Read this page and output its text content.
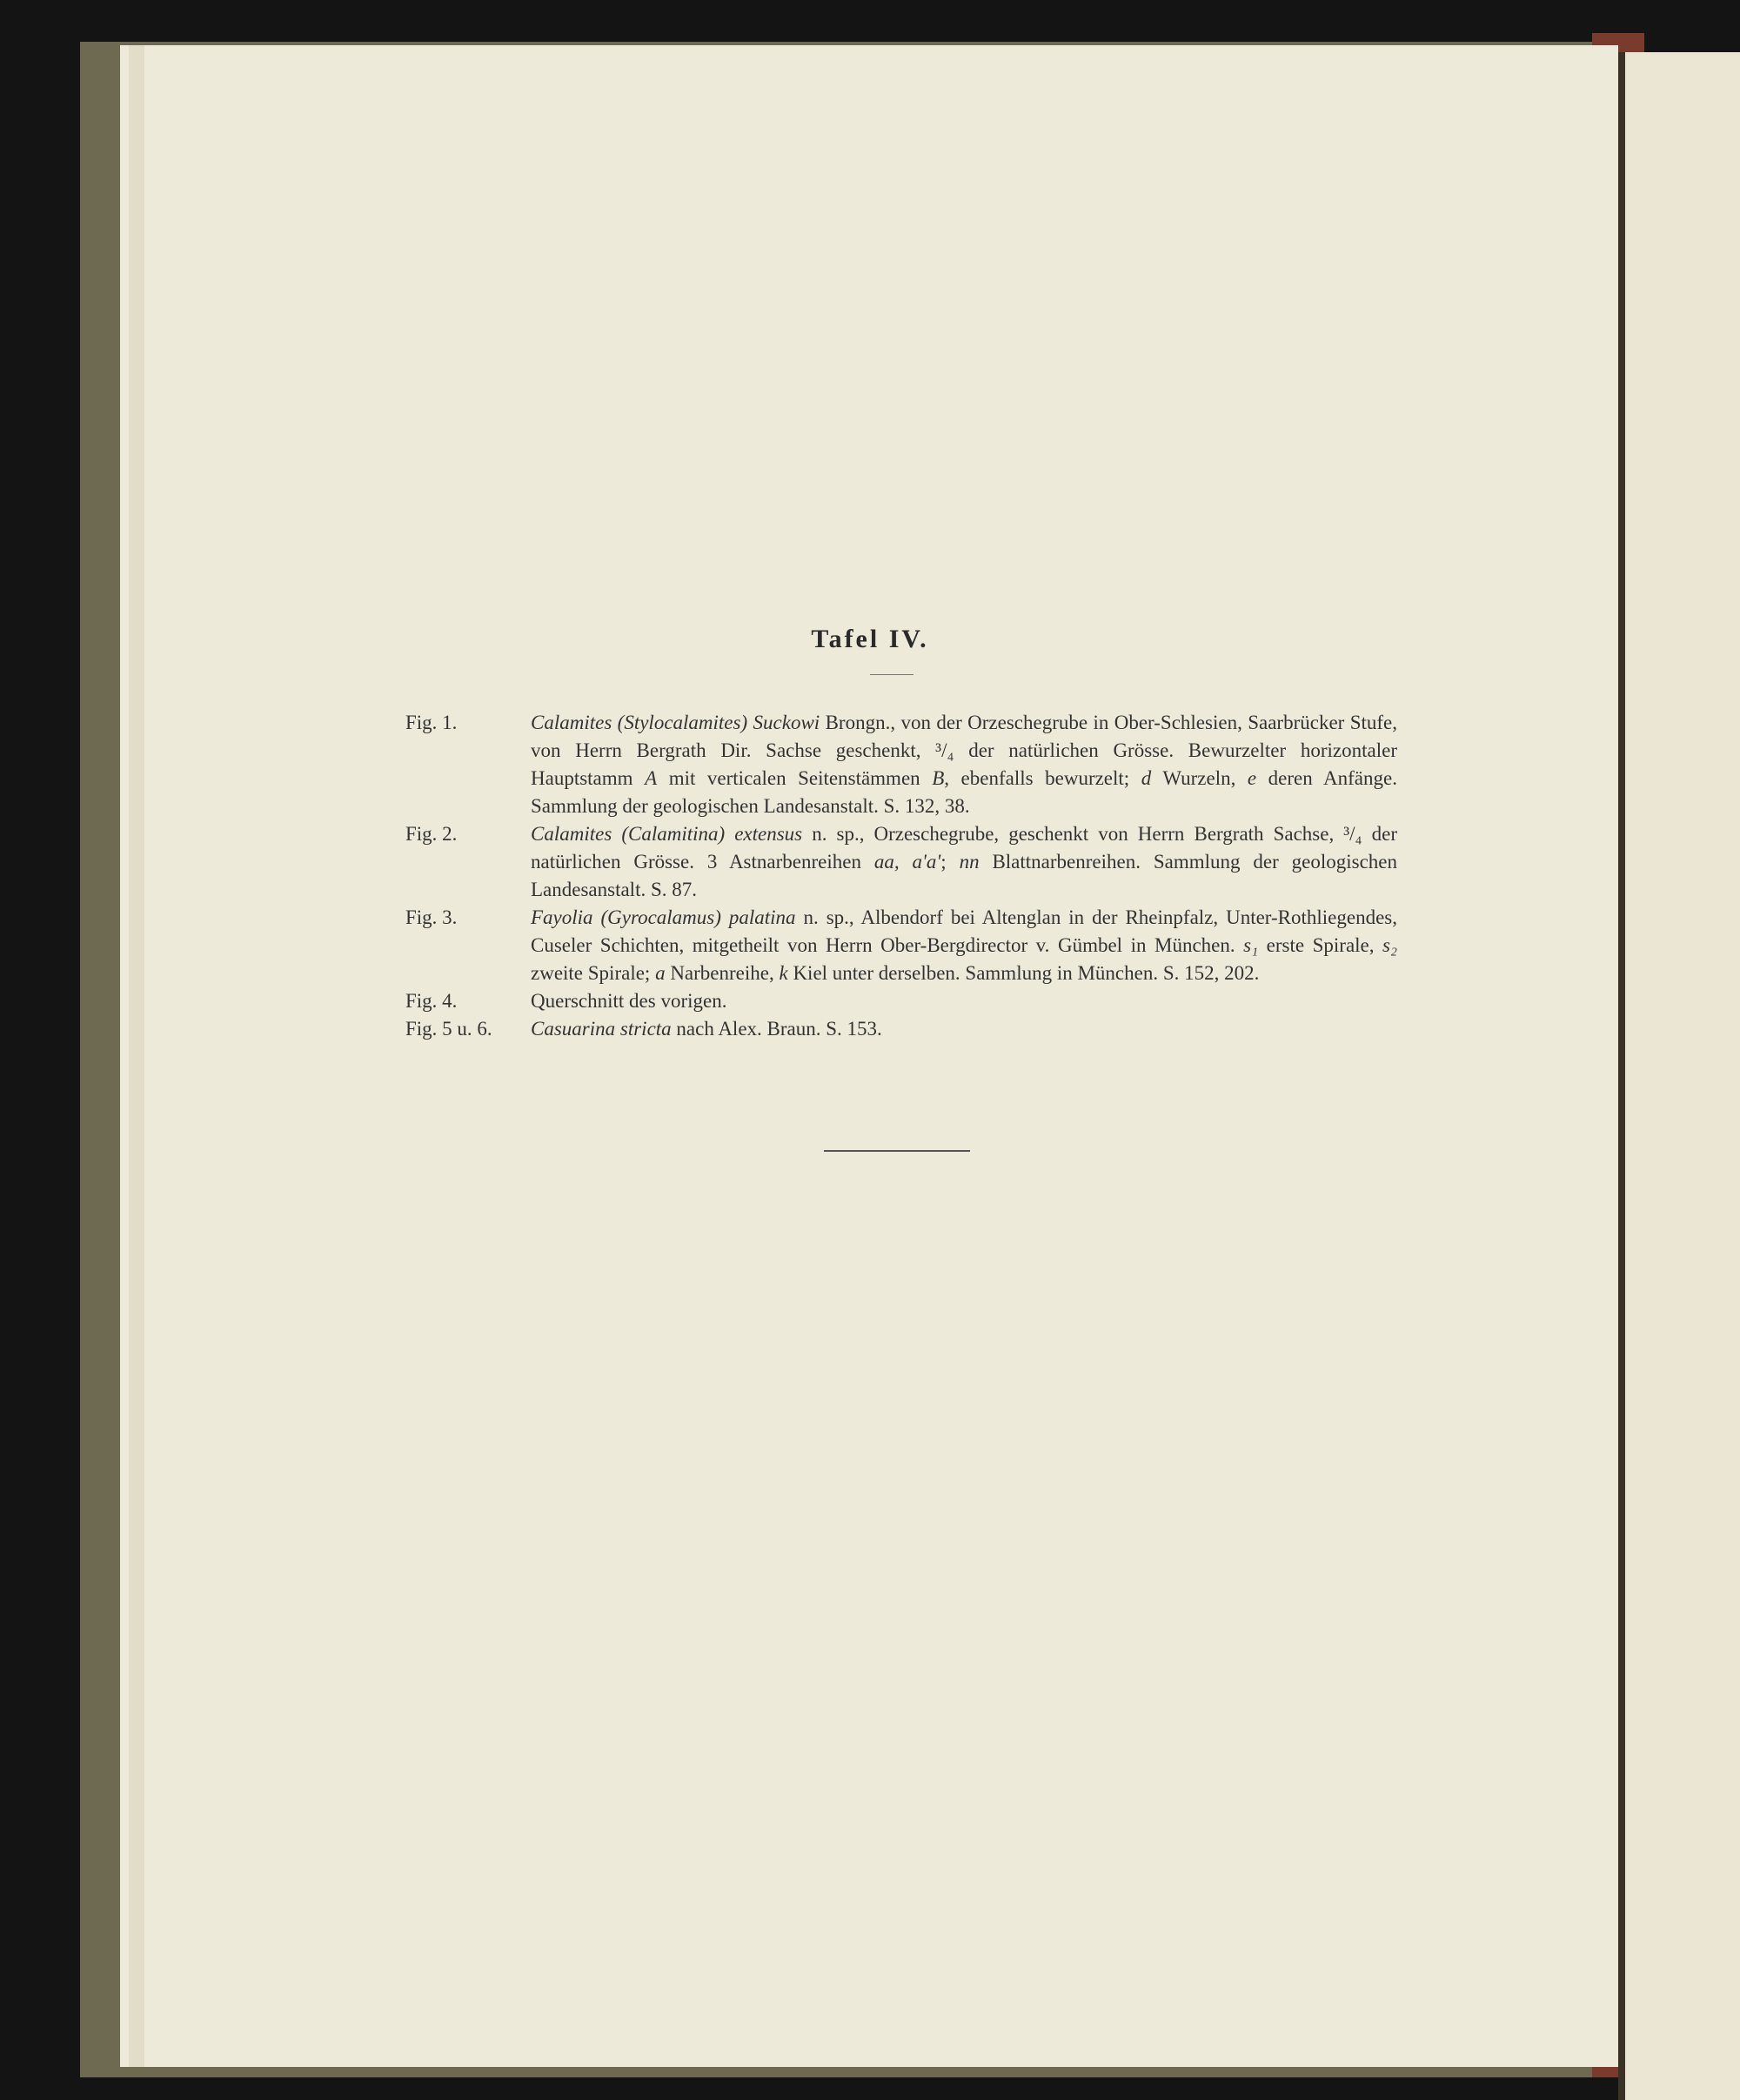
Tafel IV.
Fig. 1.	Calamites (Stylocalamites) Suckowi Brongn., von der Orzeschegrube in Ober-Schlesien, Saarbrücker Stufe, von Herrn Bergrath Dir. Sachse geschenkt, ³/₄ der natürlichen Grösse. Bewurzelter horizontaler Hauptstamm A mit verticalen Seitenstämmen B, ebenfalls bewurzelt; d Wurzeln, e deren Anfänge. Sammlung der geologischen Landesanstalt. S. 132, 38.
Fig. 2.	Calamites (Calamitina) extensus n. sp., Orzeschegrube, geschenkt von Herrn Bergrath Sachse, ³/₄ der natürlichen Grösse. 3 Astnarbenreihen aa, a'a'; nn Blattnarbenreihen. Sammlung der geologischen Landesanstalt. S. 87.
Fig. 3.	Fayolia (Gyrocalamus) palatina n. sp., Albendorf bei Altenglan in der Rheinpfalz, Unter-Rothliegendes, Cuseler Schichten, mitgetheilt von Herrn Ober-Bergdirector v. Gümbel in München. s₁ erste Spirale, s₂ zweite Spirale; a Narbenreihe, k Kiel unter derselben. Sammlung in München. S. 152, 202.
Fig. 4.	Querschnitt des vorigen.
Fig. 5 u. 6.	Casuarina stricta nach Alex. Braun. S. 153.
